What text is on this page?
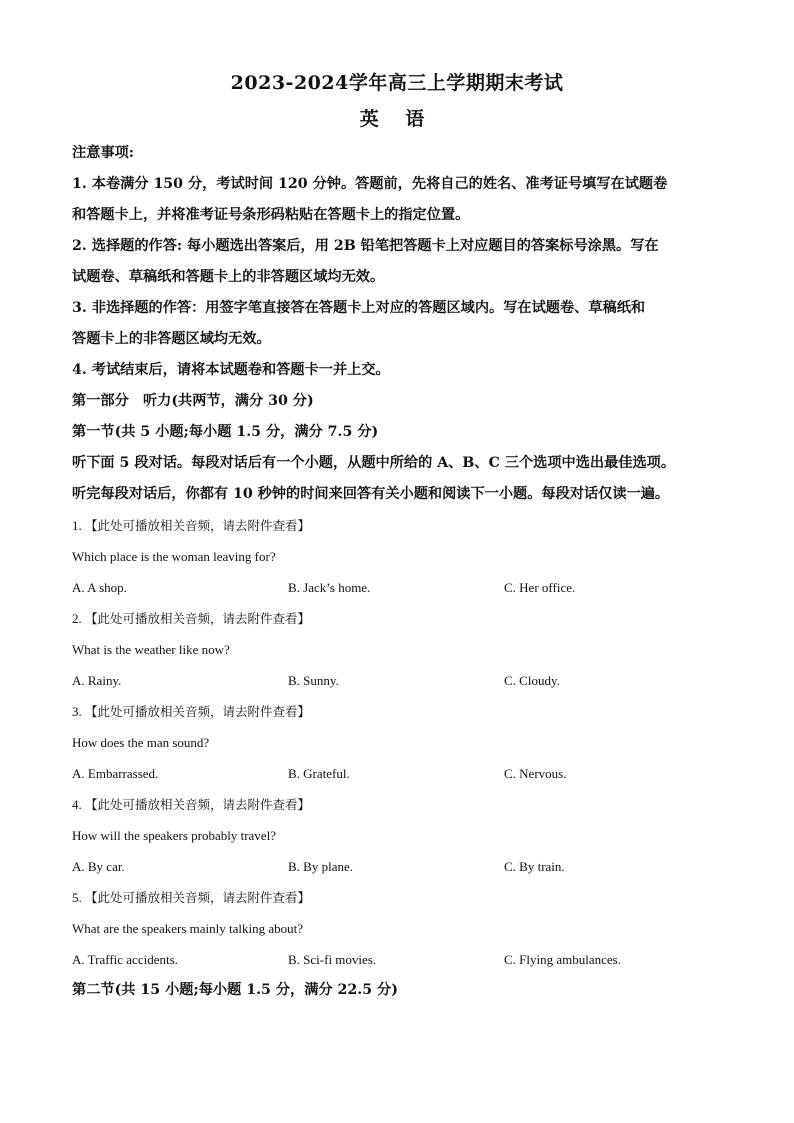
2023-2024学年高三上学期期末考试
英 语
注意事项:
1. 本卷满分 150 分，考试时间 120 分钟。答题前，先将自己的姓名、准考证号填写在试题卷
和答题卡上，并将准考证号条形码粘贴在答题卡上的指定位置。
2. 选择题的作答: 每小题选出答案后，用 2B 铅笔把答题卡上对应题目的答案标号涂黑。写在
试题卷、草稿纸和答题卡上的非答题区域均无效。
3. 非选择题的作答：用签字笔直接答在答题卡上对应的答题区域内。写在试题卷、草稿纸和
答题卡上的非答题区域均无效。
4. 考试结束后，请将本试题卷和答题卡一并上交。
第一部分　听力(共两节，满分 30 分)
第一节(共 5 小题;每小题 1.5 分，满分 7.5 分)
听下面 5 段对话。每段对话后有一个小题，从题中所给的 A、B、C 三个选项中选出最佳选项。
听完每段对话后，你都有 10 秒钟的时间来回答有关小题和阅读下一小题。每段对话仅读一遍。
1. 【此处可播放相关音频，请去附件查看】
Which place is the woman leaving for?
A. A shop.	B. Jack’s home.	C. Her office.
2. 【此处可播放相关音频，请去附件查看】
What is the weather like now?
A. Rainy.	B. Sunny.	C. Cloudy.
3. 【此处可播放相关音频，请去附件查看】
How does the man sound?
A. Embarrassed.	B. Grateful.	C. Nervous.
4. 【此处可播放相关音频，请去附件查看】
How will the speakers probably travel?
A. By car.	B. By plane.	C. By train.
5. 【此处可播放相关音频，请去附件查看】
What are the speakers mainly talking about?
A. Traffic accidents.	B. Sci-fi movies.	C. Flying ambulances.
第二节(共 15 小题;每小题 1.5 分，满分 22.5 分)
